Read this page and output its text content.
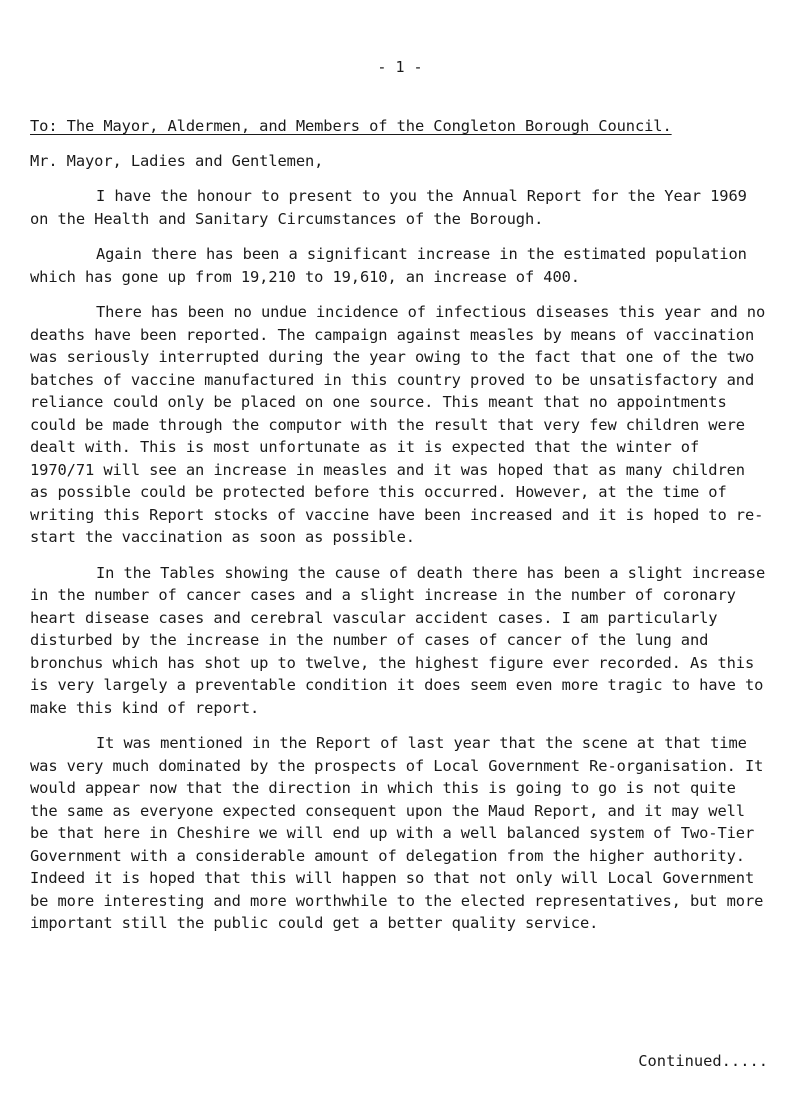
- 1 -

To: The Mayor, Aldermen, and Members of the Congleton Borough Council.

Mr. Mayor, Ladies and Gentlemen,

I have the honour to present to you the Annual Report for the Year 1969 on the Health and Sanitary Circumstances of the Borough.

Again there has been a significant increase in the estimated population which has gone up from 19,210 to 19,610, an increase of 400.

There has been no undue incidence of infectious diseases this year and no deaths have been reported. The campaign against measles by means of vaccination was seriously interrupted during the year owing to the fact that one of the two batches of vaccine manufactured in this country proved to be unsatisfactory and reliance could only be placed on one source. This meant that no appointments could be made through the computor with the result that very few children were dealt with. This is most unfortunate as it is expected that the winter of 1970/71 will see an increase in measles and it was hoped that as many children as possible could be protected before this occurred. However, at the time of writing this Report stocks of vaccine have been increased and it is hoped to re-start the vaccination as soon as possible.

In the Tables showing the cause of death there has been a slight increase in the number of cancer cases and a slight increase in the number of coronary heart disease cases and cerebral vascular accident cases. I am particularly disturbed by the increase in the number of cases of cancer of the lung and bronchus which has shot up to twelve, the highest figure ever recorded. As this is very largely a preventable condition it does seem even more tragic to have to make this kind of report.

It was mentioned in the Report of last year that the scene at that time was very much dominated by the prospects of Local Government Re-organisation. It would appear now that the direction in which this is going to go is not quite the same as everyone expected consequent upon the Maud Report, and it may well be that here in Cheshire we will end up with a well balanced system of Two-Tier Government with a considerable amount of delegation from the higher authority. Indeed it is hoped that this will happen so that not only will Local Government be more interesting and more worthwhile to the elected representatives, but more important still the public could get a better quality service.

Continued.....
